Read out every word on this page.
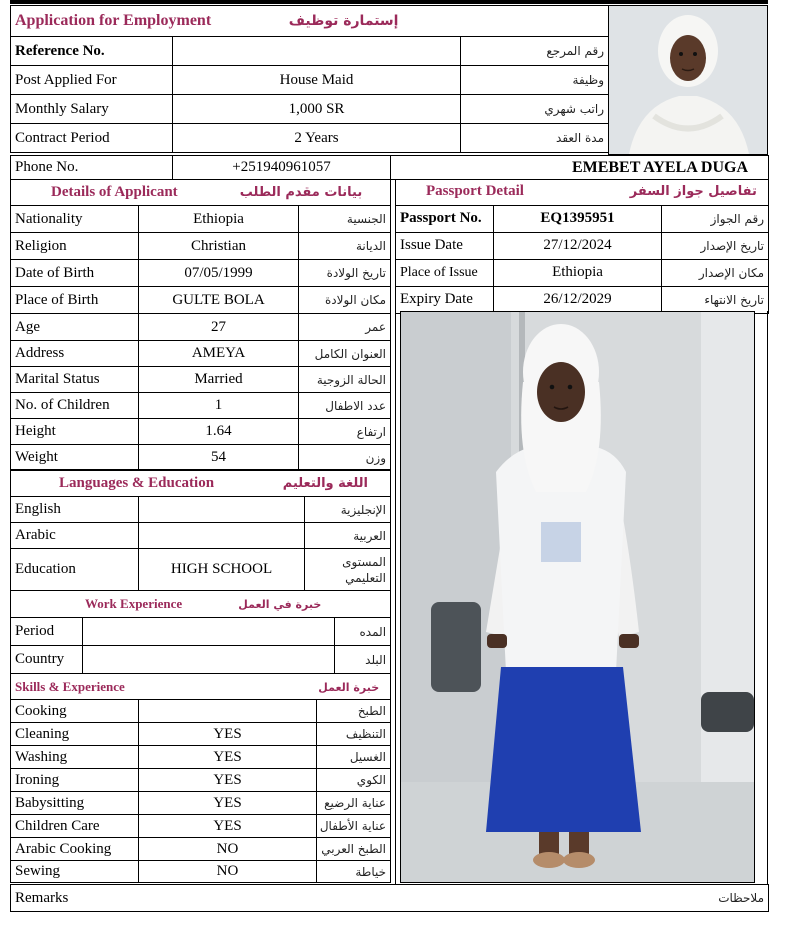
Application for Employment إستمارة توظيف		
Reference No.		رقم المرجع
Post Applied For	House Maid	وظيفة
Monthly Salary	1,000 SR	راتب شهري
Contract Period	2 Years	مدة العقد
Phone No.	+251940961057	EMEBET AYELA DUGA
Details of Applicant بيانات مقدم الطلب		
Nationality	Ethiopia	الجنسية
Religion	Christian	الديانة
Date of Birth	07/05/1999	تاريخ الولادة
Place of Birth	GULTE BOLA	مكان الولادة
Age	27	عمر
Address	AMEYA	العنوان الكامل
Marital Status	Married	الحالة الزوجية
No. of Children	1	عدد الاطفال
Height	1.64	ارتفاع
Weight	54	وزن
Passport Detail تفاصيل جواز السفر		
Passport No.	EQ1395951	رقم الجواز
Issue Date	27/12/2024	تاريخ الإصدار
Place of Issue	Ethiopia	مكان الإصدار
Expiry Date	26/12/2029	تاريخ الانتهاء
Languages & Education اللغة والتعليم		
English		الإنجليزية
Arabic		العربية
Education	HIGH SCHOOL	المستوى التعليمي
Work Experience خبرة في العمل		
Period		المده
Country		البلد
Skills & Experience خبرة العمل		
Cooking		الطبخ
Cleaning	YES	التنظيف
Washing	YES	الغسيل
Ironing	YES	الكوي
Babysitting	YES	عناية الرضيع
Children Care	YES	عناية الأطفال
Arabic Cooking	NO	الطبخ العربي
Sewing	NO	خياطة
Remarks	ملاحظات
